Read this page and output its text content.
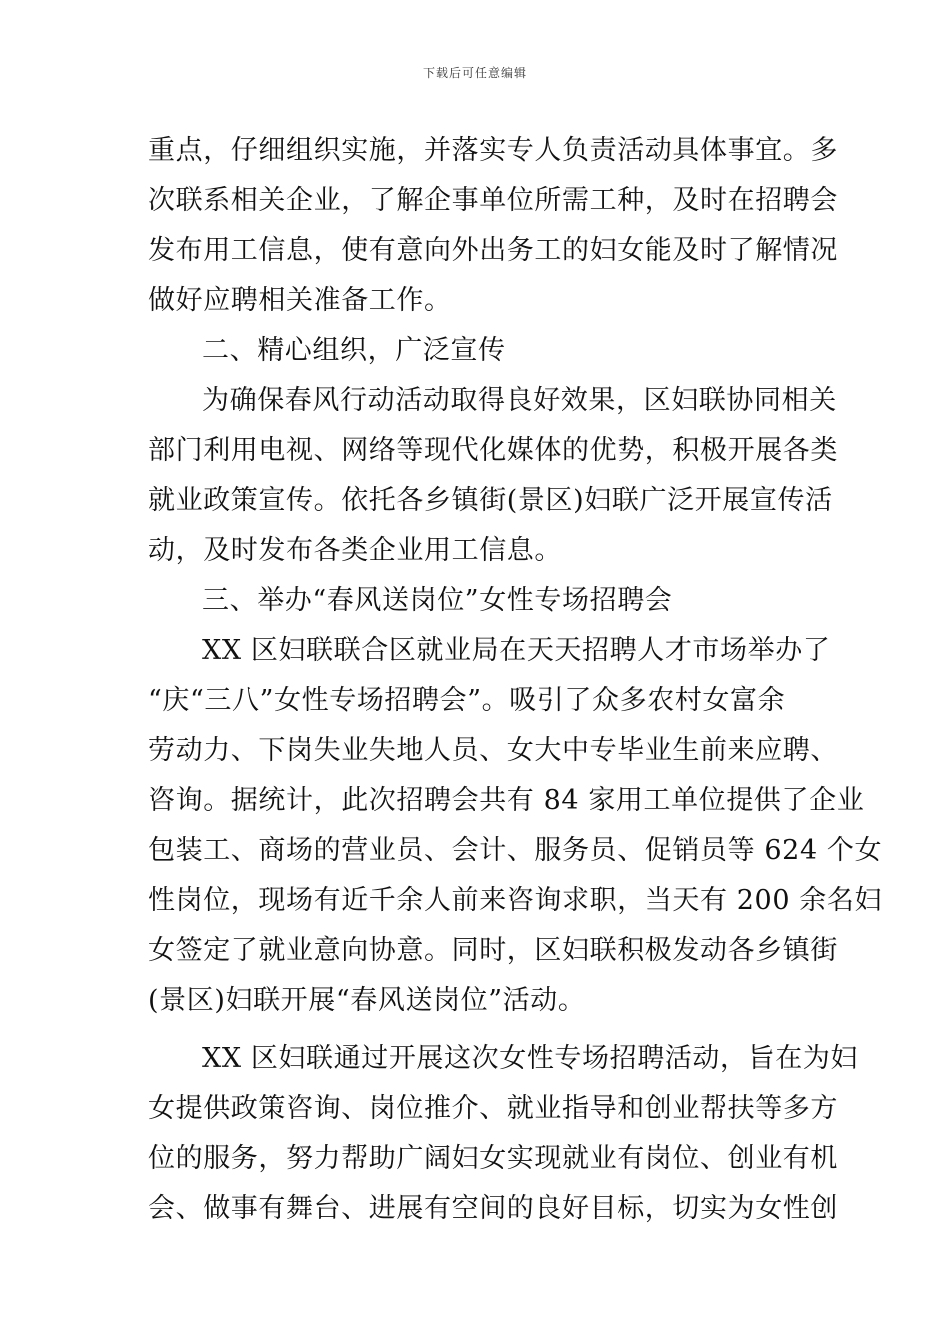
下载后可任意编辑
重点，仔细组织实施，并落实专人负责活动具体事宜。多
次联系相关企业，了解企事单位所需工种，及时在招聘会
发布用工信息，使有意向外出务工的妇女能及时了解情况
做好应聘相关准备工作。
二、精心组织，广泛宣传
为确保春风行动活动取得良好效果，区妇联协同相关
部门利用电视、网络等现代化媒体的优势，积极开展各类
就业政策宣传。依托各乡镇街(景区)妇联广泛开展宣传活
动，及时发布各类企业用工信息。
三、举办“春风送岗位”女性专场招聘会
XX 区妇联联合区就业局在天天招聘人才市场举办了
“庆“三八”女性专场招聘会”。吸引了众多农村女富余
劳动力、下岗失业失地人员、女大中专毕业生前来应聘、
咨询。据统计，此次招聘会共有 84 家用工单位提供了企业
包装工、商场的营业员、会计、服务员、促销员等 624 个女
性岗位，现场有近千余人前来咨询求职，当天有 200 余名妇
女签定了就业意向协意。同时，区妇联积极发动各乡镇街
(景区)妇联开展“春风送岗位”活动。
XX 区妇联通过开展这次女性专场招聘活动，旨在为妇
女提供政策咨询、岗位推介、就业指导和创业帮扶等多方
位的服务，努力帮助广阔妇女实现就业有岗位、创业有机
会、做事有舞台、进展有空间的良好目标，切实为女性创
